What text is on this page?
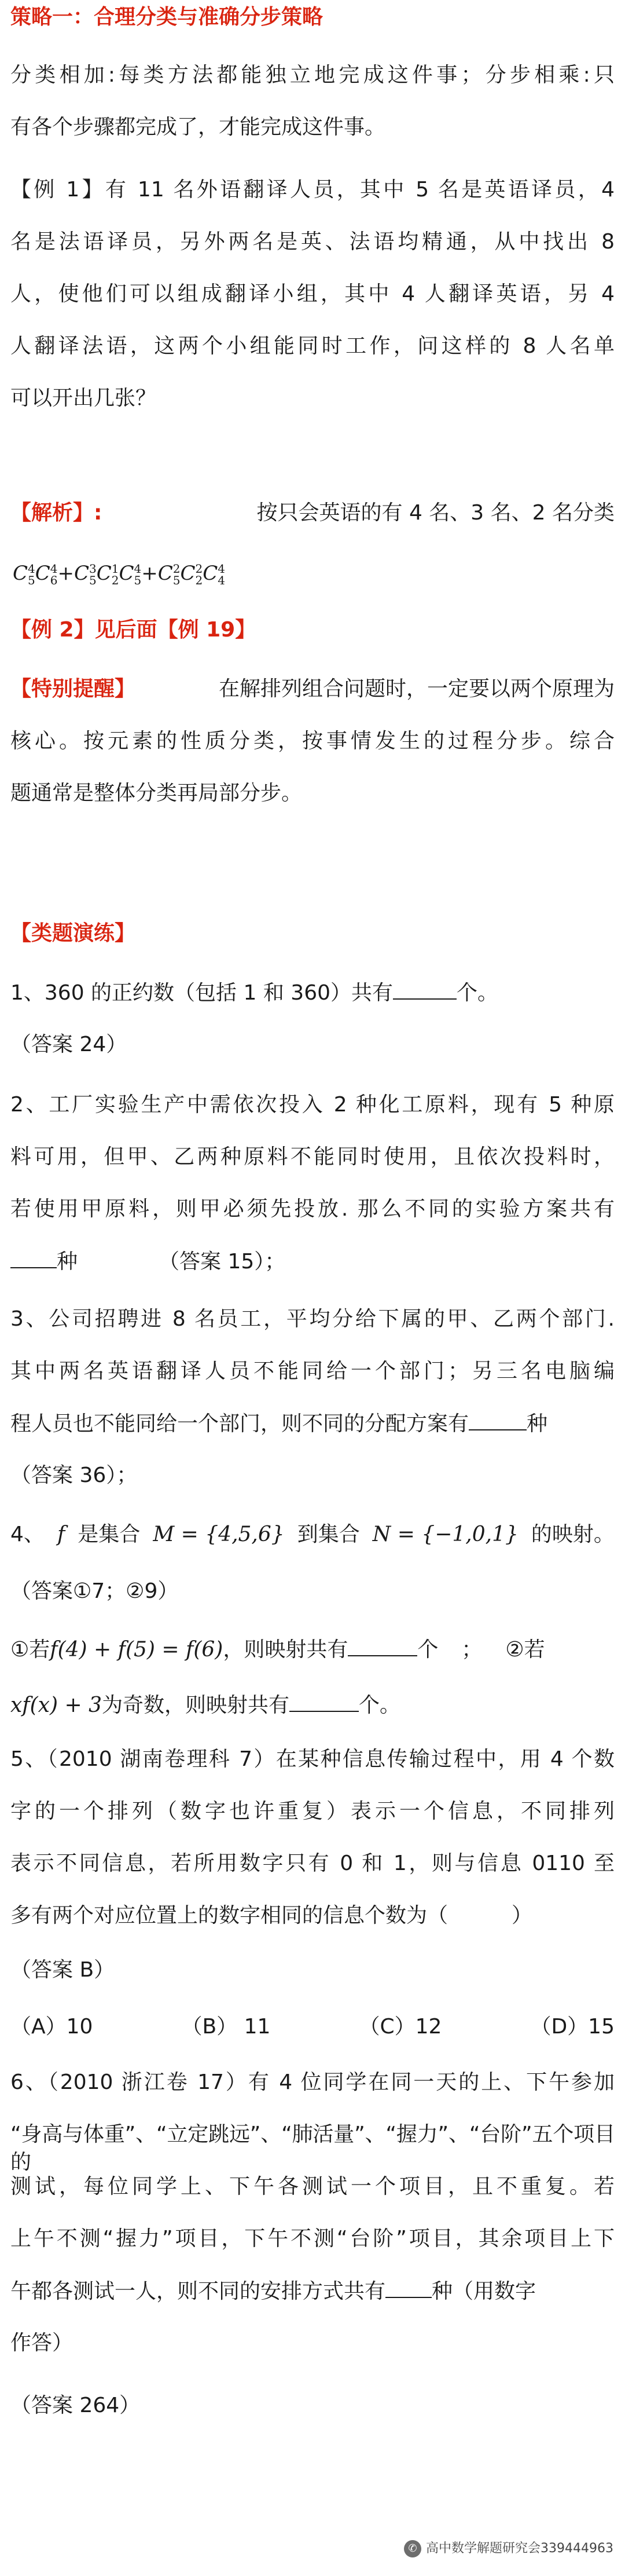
策略一：合理分类与准确分步策略
分类相加:每类方法都能独立地完成这件事；分步相乘:只
有各个步骤都完成了，才能完成这件事。
【例 1】有 11 名外语翻译人员，其中 5 名是英语译员，4
名是法语译员，另外两名是英、法语均精通，从中找出 8
人，使他们可以组成翻译小组，其中 4 人翻译英语，另 4
人翻译法语，这两个小组能同时工作，问这样的 8 人名单
可以开出几张？
【解析】:	按只会英语的有 4 名、3 名、2 名分类
C 4
5 C 4
6 +C 3
5 C 1
2 C 4
5 +C 2
5 C 2
2 C 4
4
【例 2】见后面【例 19】
【特别提醒】	在解排列组合问题时，一定要以两个原理为
核心。按元素的性质分类，按事情发生的过程分步。综合
题通常是整体分类再局部分步。
【类题演练】
1、360 的正约数（包括 1 和 360）共有	个。
（答案 24）
2、工厂实验生产中需依次投入 2 种化工原料，现有 5 种原
料可用，但甲、乙两种原料不能同时使用，且依次投料时，
若使用甲原料，则甲必须先投放. 那么不同的实验方案共有
种	（答案 15）；
3、公司招聘进 8 名员工，平均分给下属的甲、乙两个部门.
其中两名英语翻译人员不能同给一个部门；另三名电脑编
程人员也不能同给一个部门，则不同的分配方案有	种
（答案 36）；
4、 f 是集合 M = {4,5,6} 到集合 N = {−1,0,1} 的映射。
（答案①7；②9）
①若f(4) + f(5) = f(6)，则映射共有	个 ； ②若
xf(x) + 3为奇数，则映射共有	个。
5、（2010 湖南卷理科 7）在某种信息传输过程中，用 4 个数
字的一个排列（数字也许重复）表示一个信息，不同排列
表示不同信息，若所用数字只有 0 和 1，则与信息 0110 至
多有两个对应位置上的数字相同的信息个数为（	）
（答案 B）
（A）10	（B） 11	（C）12	（D）15
6、（2010 浙江卷 17）有 4 位同学在同一天的上、下午参加
“身高与体重”、“立定跳远”、“肺活量”、“握力”、“台阶”五个项目的
测试，每位同学上、下午各测试一个项目，且不重复。若
上午不测“握力”项目，下午不测“台阶”项目，其余项目上下
午都各测试一人，则不同的安排方式共有 种（用数字
作答）
（答案 264）
✆ 高中数学解题研究会339444963
